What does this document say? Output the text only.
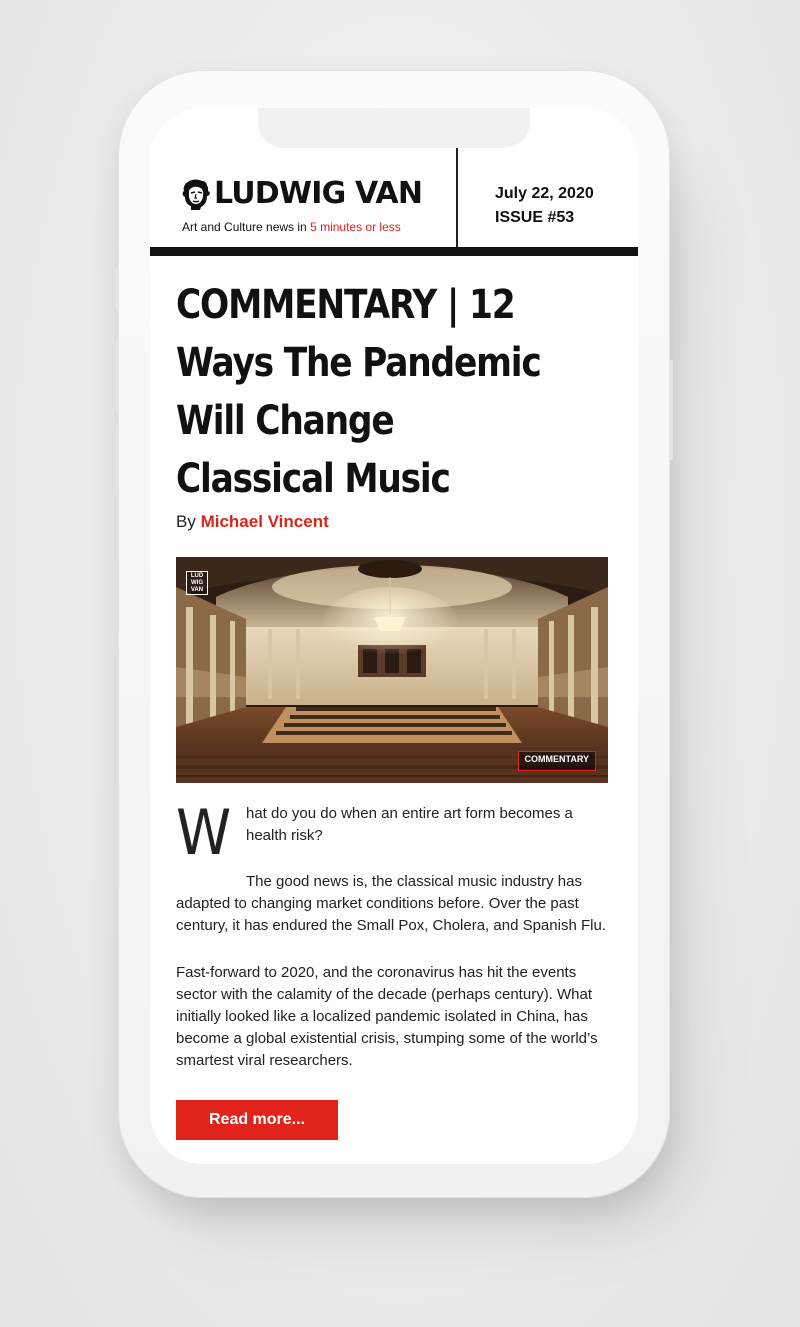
LUDWIG VAN
Art and Culture news in 5 minutes or less
July 22, 2020
ISSUE #53
COMMENTARY | 12
Ways The Pandemic
Will Change
Classical Music
By Michael Vincent
LUD
WIG
VAN
COMMENTARY
W hat do you do when an entire art form becomes a health risk?

The good news is, the classical music industry has adapted to changing market conditions before. Over the past century, it has endured the Small Pox, Cholera, and Spanish Flu.

Fast-forward to 2020, and the coronavirus has hit the events sector with the calamity of the decade (perhaps century). What initially looked like a localized pandemic isolated in China, has become a global existential crisis, stumping some of the world’s smartest viral researchers.

Read more...
